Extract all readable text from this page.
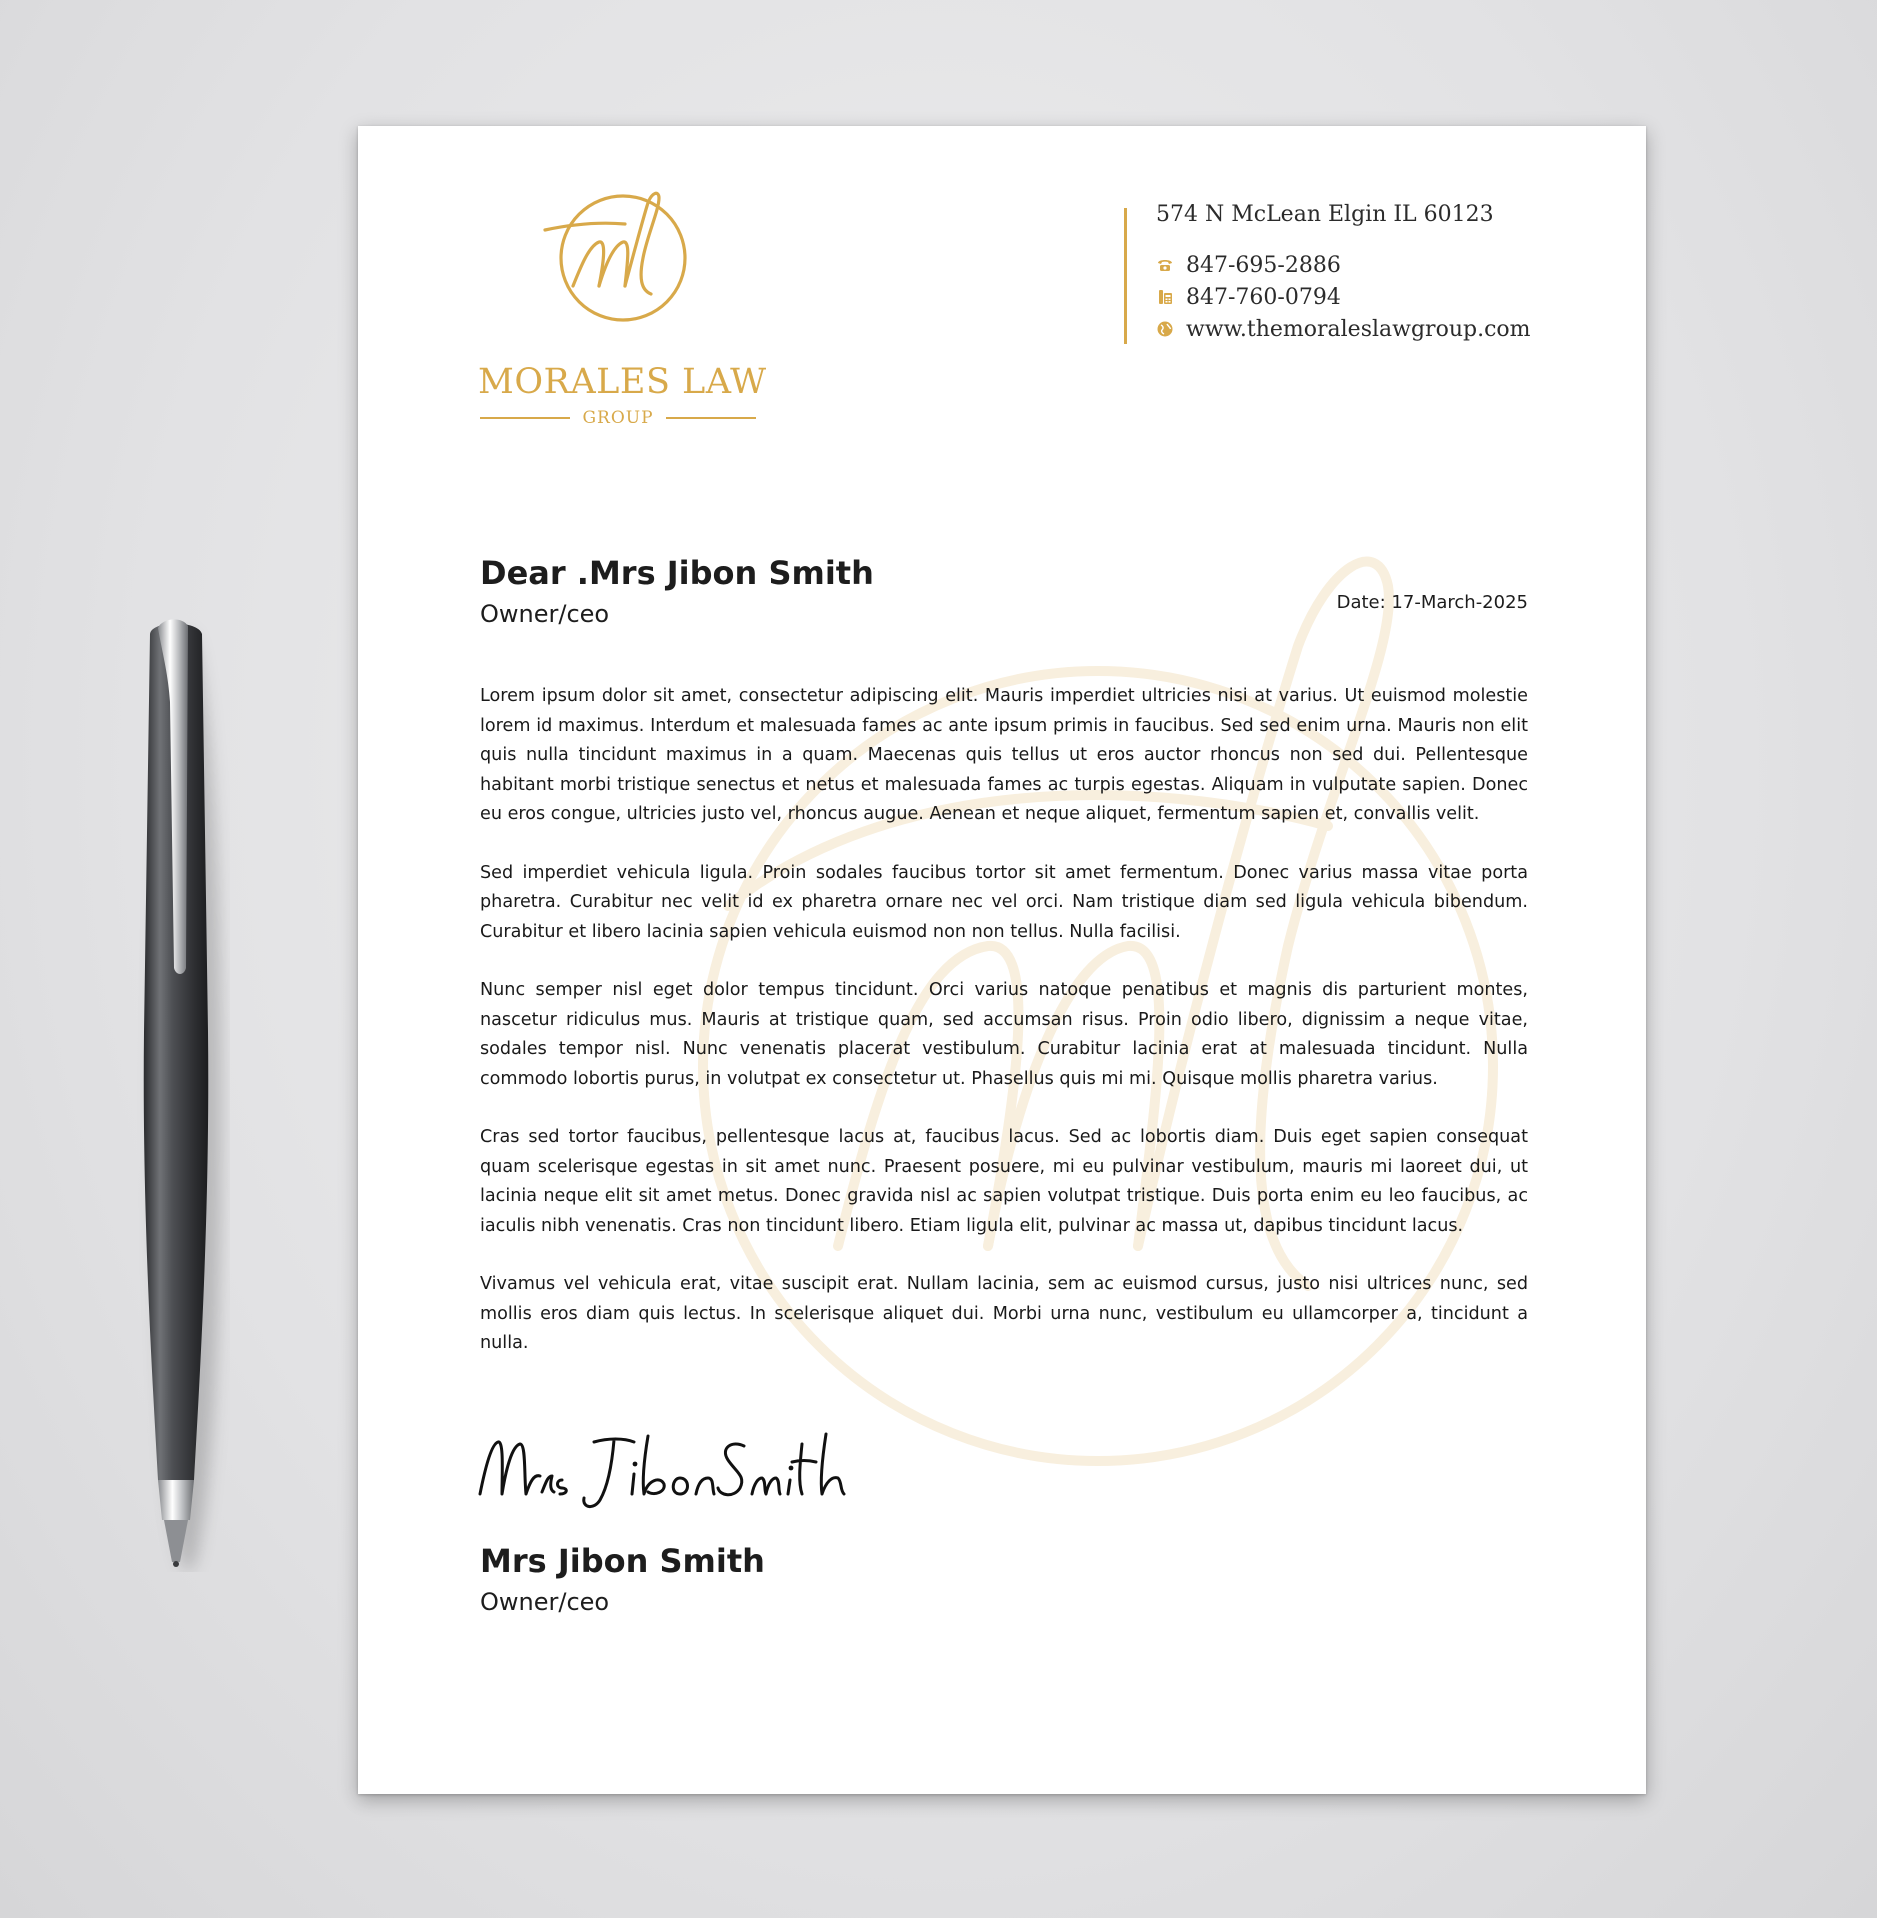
MORALES LAW
GROUP
574 N McLean Elgin IL 60123
847-695-2886
847-760-0794
www.themoraleslawgroup.com
Dear .Mrs Jibon Smith
Owner/ceo	Date: 17-March-2025

Lorem ipsum dolor sit amet, consectetur adipiscing elit. Mauris imperdiet ultricies nisi at varius. Ut euismod molestie lorem id maximus. Interdum et malesuada fames ac ante ipsum primis in faucibus. Sed sed enim urna. Mauris non elit quis nulla tincidunt maximus in a quam. Maecenas quis tellus ut eros auctor rhoncus non sed dui. Pellentesque habitant morbi tristique senectus et netus et malesuada fames ac turpis egestas. Aliquam in vulputate sapien. Donec eu eros congue, ultricies justo vel, rhoncus augue. Aenean et neque aliquet, fermentum sapien et, convallis velit.

Sed imperdiet vehicula ligula. Proin sodales faucibus tortor sit amet fermentum. Donec varius massa vitae porta pharetra. Curabitur nec velit id ex pharetra ornare nec vel orci. Nam tristique diam sed ligula vehicula bibendum. Curabitur et libero lacinia sapien vehicula euismod non non tellus. Nulla facilisi.

Nunc semper nisl eget dolor tempus tincidunt. Orci varius natoque penatibus et magnis dis parturient montes, nascetur ridiculus mus. Mauris at tristique quam, sed accumsan risus. Proin odio libero, dignissim a neque vitae, sodales tempor nisl. Nunc venenatis placerat vestibulum. Curabitur lacinia erat at malesuada tincidunt. Nulla commodo lobortis purus, in volutpat ex consectetur ut. Phasellus quis mi mi. Quisque mollis pharetra varius.

Cras sed tortor faucibus, pellentesque lacus at, faucibus lacus. Sed ac lobortis diam. Duis eget sapien consequat quam scelerisque egestas in sit amet nunc. Praesent posuere, mi eu pulvinar vestibulum, mauris mi laoreet dui, ut lacinia neque elit sit amet metus. Donec gravida nisl ac sapien volutpat tristique. Duis porta enim eu leo faucibus, ac iaculis nibh venenatis. Cras non tincidunt libero. Etiam ligula elit, pulvinar ac massa ut, dapibus tincidunt lacus.

Vivamus vel vehicula erat, vitae suscipit erat. Nullam lacinia, sem ac euismod cursus, justo nisi ultrices nunc, sed mollis eros diam quis lectus. In scelerisque aliquet dui. Morbi urna nunc, vestibulum eu ullamcorper a, tincidunt a nulla.

Mrs Jibon Smith
Owner/ceo
